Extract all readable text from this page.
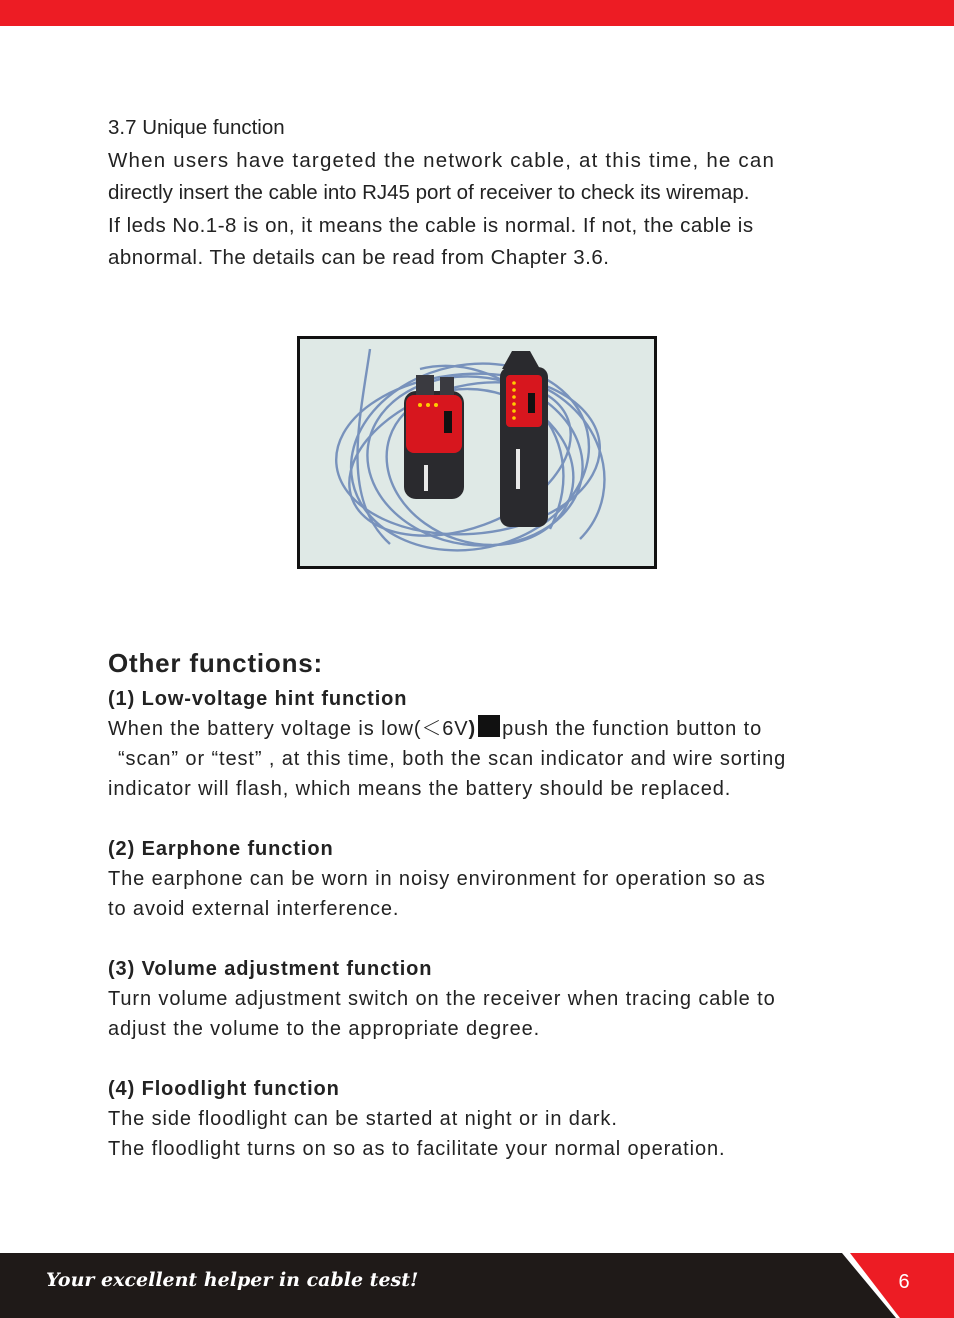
3.7 Unique function

When users have targeted the network cable, at this time, he can

directly insert the cable into RJ45 port of receiver to check its wiremap.

If leds No.1-8 is on, it means the cable is normal. If not, the cable is

abnormal. The details can be read from Chapter 3.6.

Other functions:
(1) Low-voltage hint function

When the battery voltage is low(＜6V) push the function button to

“scan” or “test” , at this time, both the scan indicator and wire sorting

indicator will flash, which means the battery should be replaced.

(2) Earphone function

The earphone can be worn in noisy environment for operation so as

to avoid external interference.

(3) Volume adjustment function

Turn volume adjustment switch on the receiver when tracing cable to

adjust the volume to the appropriate degree.

(4) Floodlight function

The side floodlight can be started at night or in dark.

The floodlight turns on so as to facilitate your normal operation.

Your excellent helper in cable test!	6
